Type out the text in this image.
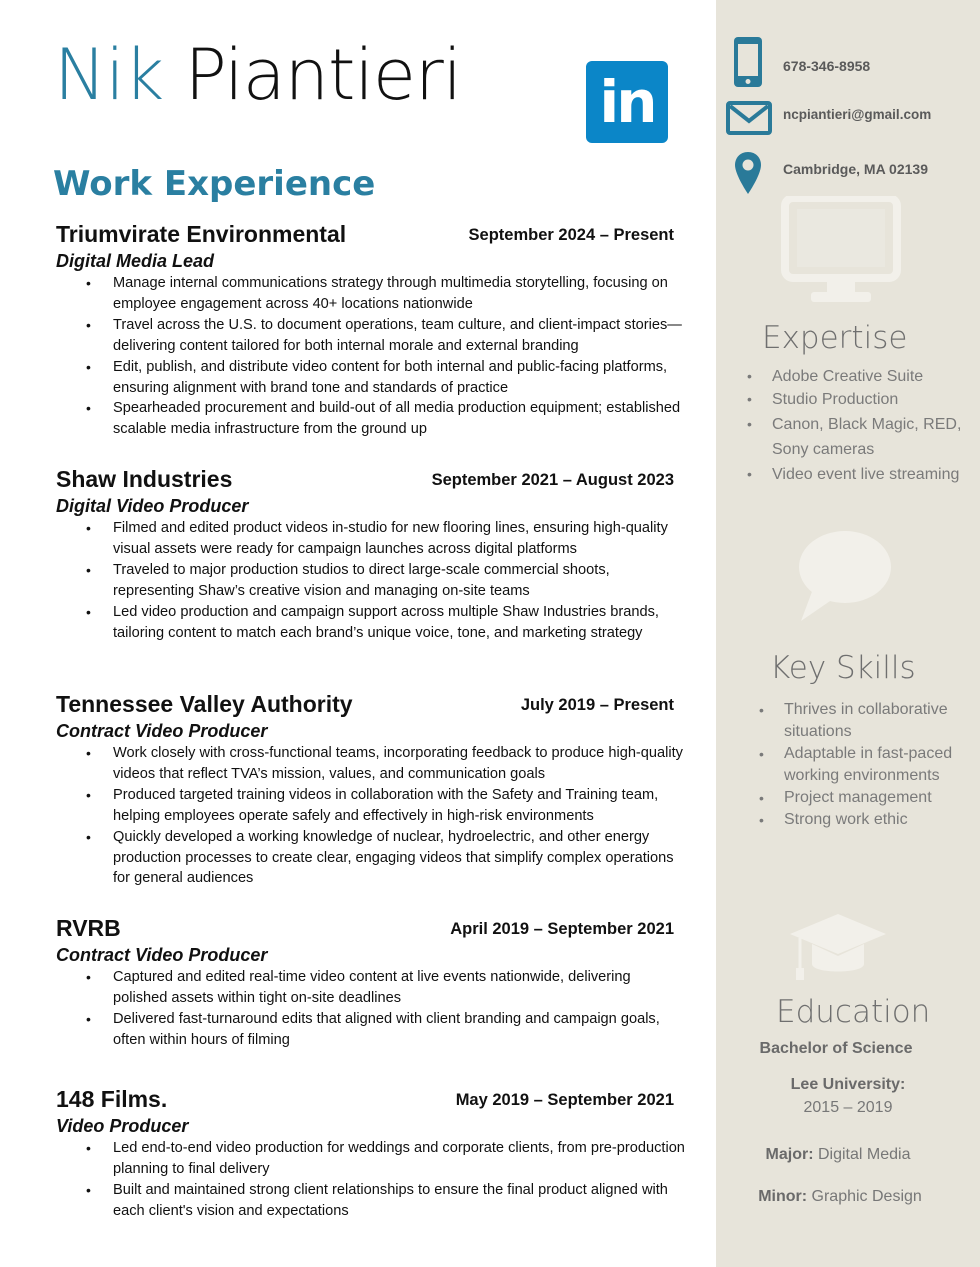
Nik Piantieri in
Work Experience
Triumvirate Environmental	September 2024 – Present
Digital Media Lead
• Manage internal communications strategy through multimedia storytelling, focusing on employee engagement across 40+ locations nationwide
• Travel across the U.S. to document operations, team culture, and client-impact stories—delivering content tailored for both internal morale and external branding
• Edit, publish, and distribute video content for both internal and public-facing platforms, ensuring alignment with brand tone and standards of practice
• Spearheaded procurement and build-out of all media production equipment; established scalable media infrastructure from the ground up
Shaw Industries	September 2021 – August 2023
Digital Video Producer
• Filmed and edited product videos in-studio for new flooring lines, ensuring high-quality visual assets were ready for campaign launches across digital platforms
• Traveled to major production studios to direct large-scale commercial shoots, representing Shaw’s creative vision and managing on-site teams
• Led video production and campaign support across multiple Shaw Industries brands, tailoring content to match each brand’s unique voice, tone, and marketing strategy
Tennessee Valley Authority	July 2019 – Present
Contract Video Producer
• Work closely with cross-functional teams, incorporating feedback to produce high-quality videos that reflect TVA’s mission, values, and communication goals
• Produced targeted training videos in collaboration with the Safety and Training team, helping employees operate safely and effectively in high-risk environments
• Quickly developed a working knowledge of nuclear, hydroelectric, and other energy production processes to create clear, engaging videos that simplify complex operations for general audiences
RVRB	April 2019 – September 2021
Contract Video Producer
• Captured and edited real-time video content at live events nationwide, delivering polished assets within tight on-site deadlines
• Delivered fast-turnaround edits that aligned with client branding and campaign goals, often within hours of filming
148 Films.	May 2019 – September 2021
Video Producer
• Led end-to-end video production for weddings and corporate clients, from pre-production planning to final delivery
• Built and maintained strong client relationships to ensure the final product aligned with each client's vision and expectations
678-346-8958
ncpiantieri@gmail.com
Cambridge, MA 02139
Expertise
• Adobe Creative Suite
• Studio Production
• Canon, Black Magic, RED, Sony cameras
• Video event live streaming
Key Skills
• Thrives in collaborative situations
• Adaptable in fast-paced working environments
• Project management
• Strong work ethic
Education
Bachelor of Science
Lee University:
2015 – 2019
Major: Digital Media
Minor: Graphic Design
